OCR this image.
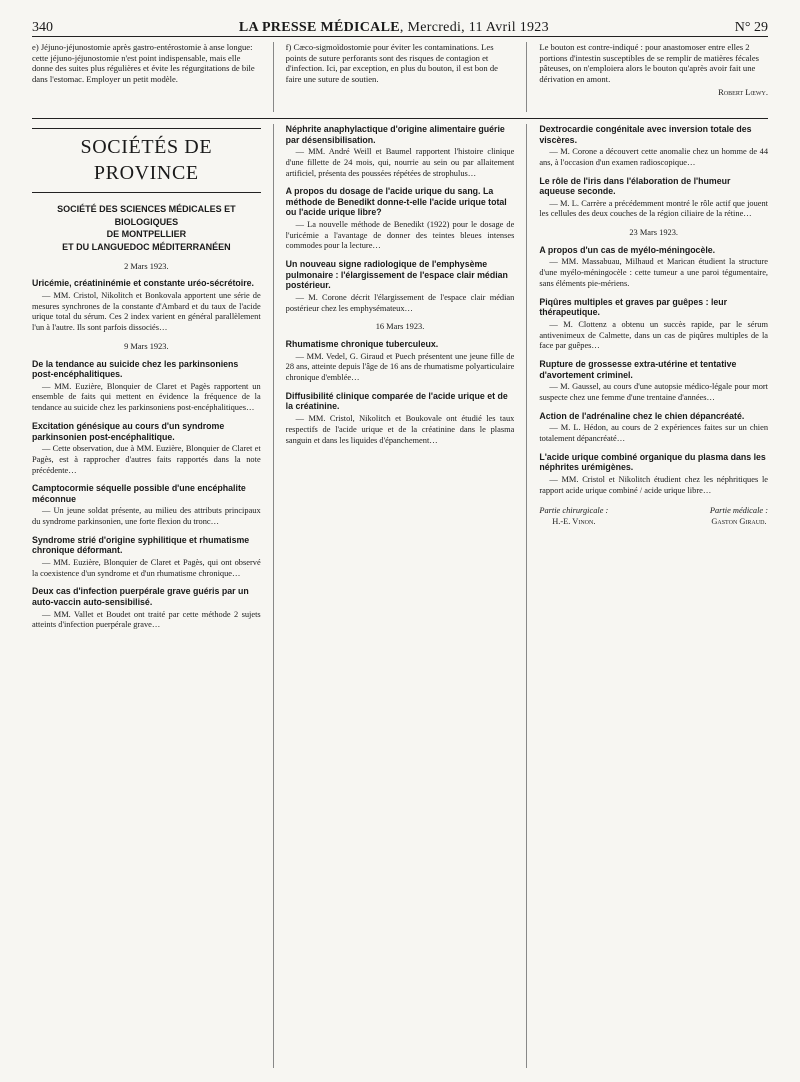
340	LA PRESSE MÉDICALE, Mercredi, 11 Avril 1923	N° 29
e) Jéjuno-jéjunostomie après gastro-entérostomie à anse longue: cette jéjuno-jéjunostomie n'est point indispensable, mais elle donne des suites plus régulières et évite les régurgitations de bile dans l'estomac. Employer un petit modèle.
f) Cæco-sigmoïdostomie pour éviter les contaminations. Les points de suture perforants sont des risques de contagion et d'infection. Ici, par exception, en plus du bouton, il est bon de faire une suture de soutien.
Le bouton est contre-indiqué : pour anastomoser entre elles 2 portions d'intestin susceptibles de se remplir de matières fécales pâteuses, on n'emploiera alors le bouton qu'après avoir fait une dérivation en amont.
Robert Lœwy.
SOCIÉTÉS DE PROVINCE
SOCIÉTÉ DES SCIENCES MÉDICALES ET BIOLOGIQUES
DE MONTPELLIER
ET DU LANGUEDOC MÉDITERRANÉEN
2 Mars 1923.
Uricémie, créatininémie et constante uréo-sécrétoire.

— MM. Cristol, Nikolitch et Bonkovala apportent une série de mesures synchrones de la constante d'Ambard et du taux de l'acide urique total du sérum. Ces 2 index varient en général parallèlement l'un à l'autre. Ils sont parfois dissociés…

9 Mars 1923.
De la tendance au suicide chez les parkinsoniens post-encéphalitiques.

— MM. Euzière, Blonquier de Claret et Pagès rapportent un ensemble de faits qui mettent en évidence la fréquence de la tendance au suicide chez les parkinsoniens post-encéphalitiques…

Excitation génésique au cours d'un syndrome parkinsonien post-encéphalitique.

— Cette observation, due à MM. Euzière, Blonquier de Claret et Pagès, est à rapprocher d'autres faits rapportés dans la note précédente…

Camptocormie séquelle possible d'une encéphalite méconnue

— Un jeune soldat présente, au milieu des attributs principaux du syndrome parkinsonien, une forte flexion du tronc…

Syndrome strié d'origine syphilitique et rhumatisme chronique déformant.

— MM. Euzière, Blonquier de Claret et Pagès, qui ont observé la coexistence d'un syndrome et d'un rhumatisme chronique…

Deux cas d'infection puerpérale grave guéris par un auto-vaccin auto-sensibilisé.

— MM. Vallet et Boudet ont traité par cette méthode 2 sujets atteints d'infection puerpérale grave…

Néphrite anaphylactique d'origine alimentaire guérie par désensibilisation.

— MM. André Weill et Baumel rapportent l'histoire clinique d'une fillette de 24 mois, qui, nourrie au sein ou par allaitement artificiel, présenta des poussées répétées de strophulus…

A propos du dosage de l'acide urique du sang. La méthode de Benedikt donne-t-elle l'acide urique total ou l'acide urique libre?

— La nouvelle méthode de Benedikt (1922) pour le dosage de l'uricémie a l'avantage de donner des teintes bleues intenses commodes pour la lecture…

Un nouveau signe radiologique de l'emphysème pulmonaire : l'élargissement de l'espace clair médian postérieur.

— M. Corone décrit l'élargissement de l'espace clair médian postérieur chez les emphysémateux…

16 Mars 1923.
Rhumatisme chronique tuberculeux.

— MM. Vedel, G. Giraud et Puech présentent une jeune fille de 28 ans, atteinte depuis l'âge de 16 ans de rhumatisme polyarticulaire chronique d'emblée…

Diffusibilité clinique comparée de l'acide urique et de la créatinine.

— MM. Cristol, Nikolitch et Boukovale ont étudié les taux respectifs de l'acide urique et de la créatinine dans le plasma sanguin et dans les liquides d'épanchement…

Dextrocardie congénitale avec inversion totale des viscères.

— M. Corone a découvert cette anomalie chez un homme de 44 ans, à l'occasion d'un examen radioscopique…

Le rôle de l'iris dans l'élaboration de l'humeur aqueuse seconde.

— M. L. Carrère a précédemment montré le rôle actif que jouent les cellules des deux couches de la région ciliaire de la rétine…

23 Mars 1923.
A propos d'un cas de myélo-méningocèle.

— MM. Massabuau, Milhaud et Marican étudient la structure d'une myélo-méningocèle : cette tumeur a une paroi tégumentaire, sans éléments pie-mériens.

Piqûres multiples et graves par guêpes : leur thérapeutique.

— M. Clottenz a obtenu un succès rapide, par le sérum antivenimeux de Calmette, dans un cas de piqûres multiples de la face par guêpes…

Rupture de grossesse extra-utérine et tentative d'avortement criminel.

— M. Gaussel, au cours d'une autopsie médico-légale pour mort suspecte chez une femme d'une trentaine d'années…

Action de l'adrénaline chez le chien dépancréaté.

— M. L. Hédon, au cours de 2 expériences faites sur un chien totalement dépancréaté…

L'acide urique combiné organique du plasma dans les néphrites urémigènes.

— MM. Cristol et Nikolitch étudient chez les néphritiques le rapport acide urique combiné / acide urique libre…

Partie chirurgicale :
H.-E. Vinon.
Partie médicale :
Gaston Giraud.
